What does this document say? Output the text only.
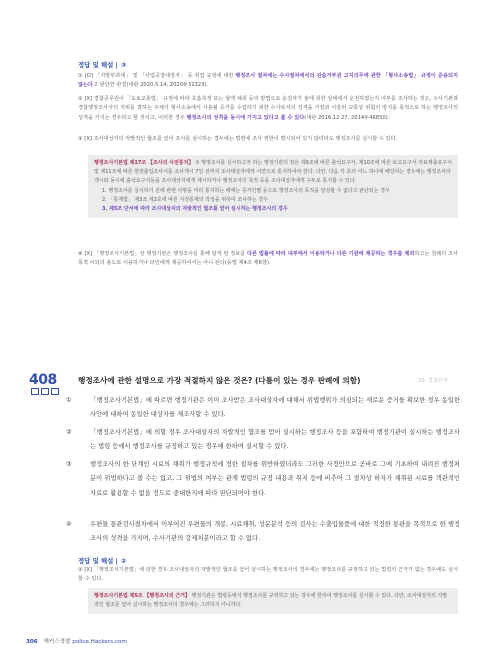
정답 및 해설 | ③
① [O] 「지방부과세」 및 「사업공장대장자」 등 취업 규정에 대한 행정조사 절차에는 수사절차에서의 진술거부권 고지의무에 관한 「형사소송법」 규정이 준용되지 않는다고 판단한 판결(대판 2020.5.14, 2020두31323).
② [X] 경찰공무원이 「도로교통법」 규정에 따라 호흡측정 또는 혈액 채취 등의 방법으로 운전자가 술에 취한 상태에서 운전하였는지 여부를 조사하는 것은, 수사기관과 경찰행정조사자의 지위를 겸하는 주체가 형사소송에서 사용될 증거를 수집하기 위한 수사로서의 성격을 가짐과 아울러 교통상 위험의 방지를 목적으로 하는 행정조사의 성격을 가지는 경우라고 할 것이고, 이러한 경우 행정조사의 성격을 동시에 가지고 있다고 볼 수 있다(대판 2016.12.27, 2014두46850).
③ [X] 조사대상자의 자발적인 협조를 얻어 조사를 실시하는 경우에는 법령에 조사 권한이 명시되어 있지 않더라도 행정조사를 실시할 수 있다.
행정조사기본법 제17조 【조사의 사전통지】 ① 행정조사를 실시하고자 하는 행정기관의 장은 제9조에 따른 출석요구서, 제10조에 따른 보고요구서·자료제출요구서 및 제11조에 따른 현장출입조사서를 조사개시 7일 전까지 조사대상자에게 서면으로 통지하여야 한다. 다만, 다음 각 호의 어느 하나에 해당하는 경우에는 행정조사의 개시와 동시에 출석요구서등을 조사대상자에게 제시하거나 행정조사의 목적 등을 조사대상자에게 구두로 통지할 수 있다.
1. 행정조사를 실시하기 전에 관련 사항을 미리 통지하는 때에는 증거인멸 등으로 행정조사의 목적을 달성할 수 없다고 판단되는 경우
2. 「통계법」 제3조 제2호에 따른 지정통계의 작성을 위하여 조사하는 경우
3. 제5조 단서에 따라 조사대상자의 자발적인 협조를 얻어 실시하는 행정조사의 경우
④ [X] 「행정조사기본법」상 행정기관은 행정조사를 통해 알게 된 정보를 다른 법률에 따라 내부에서 이용하거나 다른 기관에 제공하는 경우를 제외하고는 원래의 조사목적 이외의 용도로 이용하거나 타인에게 제공하여서는 아니 된다(동법 제4조 제6항).
408	행정조사에 관한 설명으로 가장 적절하지 않은 것은? (다툼이 있는 경우 판례에 의함)	20. 경찰간부
①	「행정조사기본법」에 따르면 행정기관은 이미 조사받은 조사대상자에 대해서 위법행위가 의심되는 새로운 증거를 확보한 경우 동일한 사안에 대하여 동일한 대상자를 재조사할 수 있다.
②	「행정조사기본법」에 의할 경우 조사대상자의 자발적인 협조를 얻어 실시하는 행정조사 등을 포함하여 행정기관이 실시하는 행정조사는 법령 등에서 행정조사를 규정하고 있는 경우에 한하여 실시할 수 있다.
③	행정조사의 한 단계인 시료의 채취가 행정규칙에 정한 절차를 위반하였더라도 그러한 사정만으로 곧바로 그에 기초하여 내려진 행정처분이 위법하다고 볼 수는 없고, 그 위법의 여부는 관계 법령의 규정 내용과 취지 등에 비추어 그 절차상 하자가 채취된 시료를 객관적인 자료로 활용할 수 없을 정도로 중대한지에 따라 판단되어야 한다.
④	우편물 통관검사절차에서 이루어진 우편물의 개봉, 시료채취, 성분분석 등의 검사는 수출입물품에 대한 적정한 통관을 목적으로 한 행정조사의 성격을 가지며, 수사기관의 강제처분이라고 할 수 없다.
정답 및 해설 | ②
② [X] 「행정조사기본법」에 의한 경우 조사대상자의 자발적인 협조를 얻어 실시하는 행정조사의 경우에는 행정조사를 규정하고 있는 법령의 근거가 없는 경우에도 실시할 수 있다.
행정조사기본법 제5조 【행정조사의 근거】 행정기관은 법령등에서 행정조사를 규정하고 있는 경우에 한하여 행정조사를 실시할 수 있다. 다만, 조사대상자의 자발적인 협조를 얻어 실시하는 행정조사의 경우에는 그러하지 아니하다.
306 해커스경찰 police.Hackers.com
